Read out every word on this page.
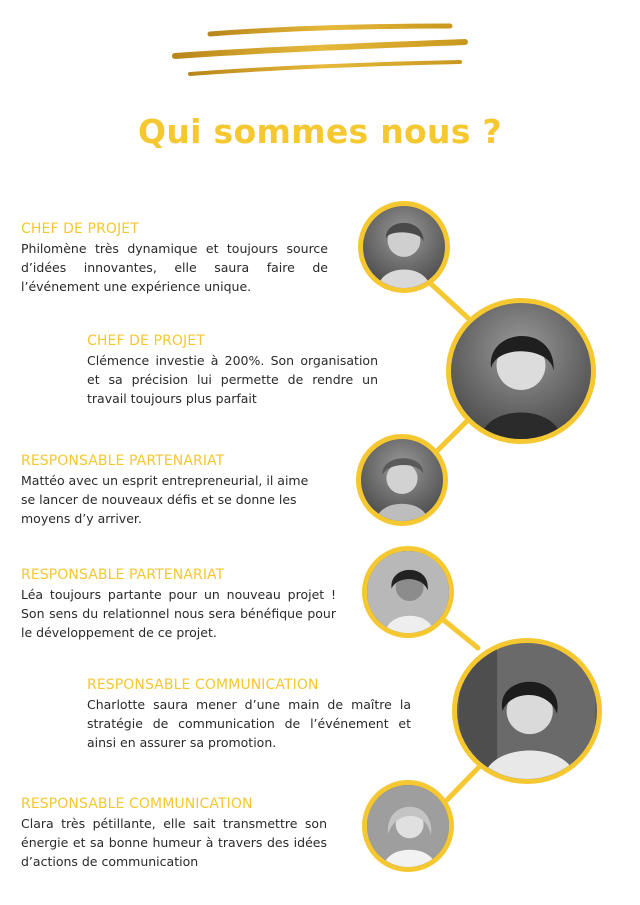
Qui sommes nous ?
CHEF DE PROJET
Philomène très dynamique et toujours source d’idées innovantes, elle saura faire de l’événement une expérience unique.
CHEF DE PROJET
Clémence investie à 200%. Son organisation et sa précision lui permette de rendre un travail toujours plus parfait
RESPONSABLE PARTENARIAT
Mattéo avec un esprit entrepreneurial, il aime se lancer de nouveaux défis et se donne les moyens d’y arriver.
RESPONSABLE PARTENARIAT
Léa toujours partante pour un nouveau projet ! Son sens du relationnel nous sera bénéfique pour le développement de ce projet.
RESPONSABLE COMMUNICATION
Charlotte saura mener d’une main de maître la stratégie de communication de l’événement et ainsi en assurer sa promotion.
RESPONSABLE COMMUNICATION
Clara très pétillante, elle sait transmettre son énergie et sa bonne humeur à travers des idées d’actions de communication
